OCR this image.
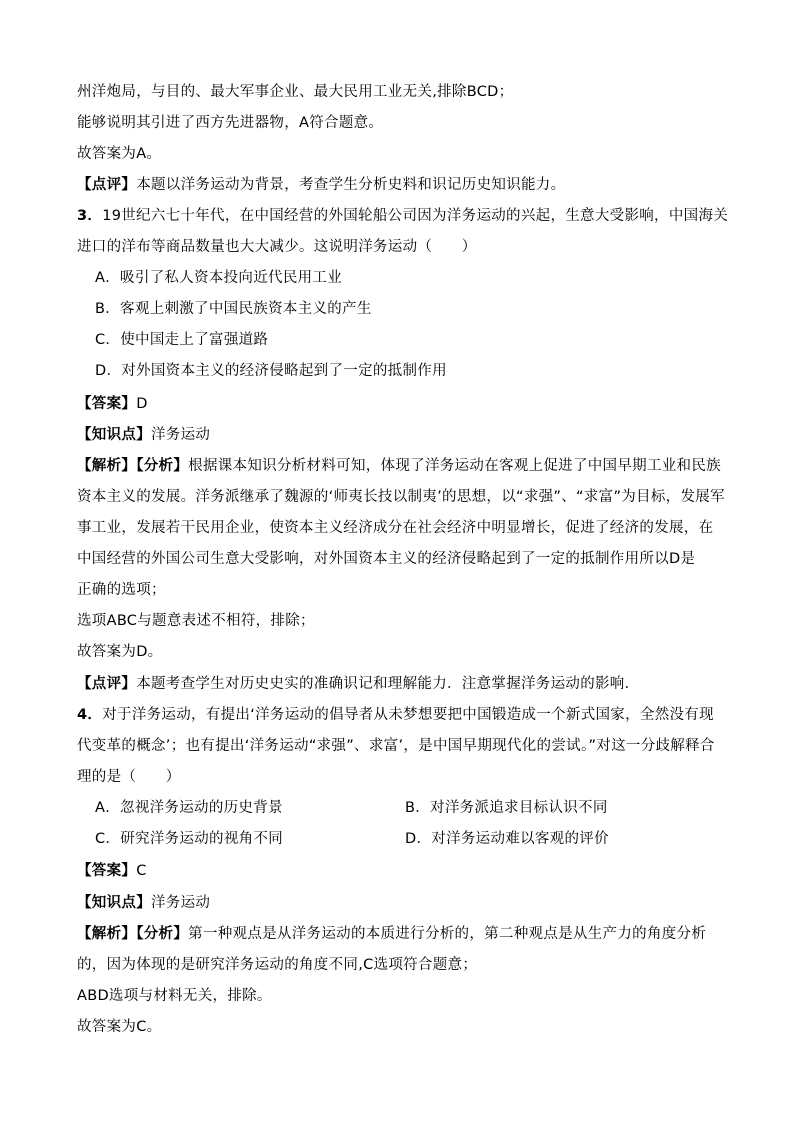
州洋炮局，与目的、最大军事企业、最大民用工业无关,排除BCD；
能够说明其引进了西方先进器物，A符合题意。
故答案为A。
【点评】本题以洋务运动为背景，考查学生分析史料和识记历史知识能力。
3．19世纪六七十年代，在中国经营的外国轮船公司因为洋务运动的兴起，生意大受影响，中国海关
进口的洋布等商品数量也大大减少。这说明洋务运动（　　）
A．吸引了私人资本投向近代民用工业
B．客观上刺激了中国民族资本主义的产生
C．使中国走上了富强道路
D．对外国资本主义的经济侵略起到了一定的抵制作用
【答案】D
【知识点】洋务运动
【解析】【分析】根据课本知识分析材料可知，体现了洋务运动在客观上促进了中国早期工业和民族
资本主义的发展。洋务派继承了魏源的‘师夷长技以制夷’的思想，以“求强”、“求富”为目标，发展军
事工业，发展若干民用企业，使资本主义经济成分在社会经济中明显增长，促进了经济的发展，在
中国经营的外国公司生意大受影响，对外国资本主义的经济侵略起到了一定的抵制作用所以D是
正确的选项；
选项ABC与题意表述不相符，排除；
故答案为D。
【点评】本题考查学生对历史史实的准确识记和理解能力．注意掌握洋务运动的影响．
4．对于洋务运动，有提出‘洋务运动的倡导者从未梦想要把中国锻造成一个新式国家，全然没有现
代变革的概念’；也有提出‘洋务运动“求强”、求富’，是中国早期现代化的尝试。”对这一分歧解释合
理的是（　　）
A．忽视洋务运动的历史背景	B．对洋务派追求目标认识不同
C．研究洋务运动的视角不同	D．对洋务运动难以客观的评价
【答案】C
【知识点】洋务运动
【解析】【分析】第一种观点是从洋务运动的本质进行分析的，第二种观点是从生产力的角度分析
的，因为体现的是研究洋务运动的角度不同,C选项符合题意；
ABD选项与材料无关，排除。
故答案为C。
